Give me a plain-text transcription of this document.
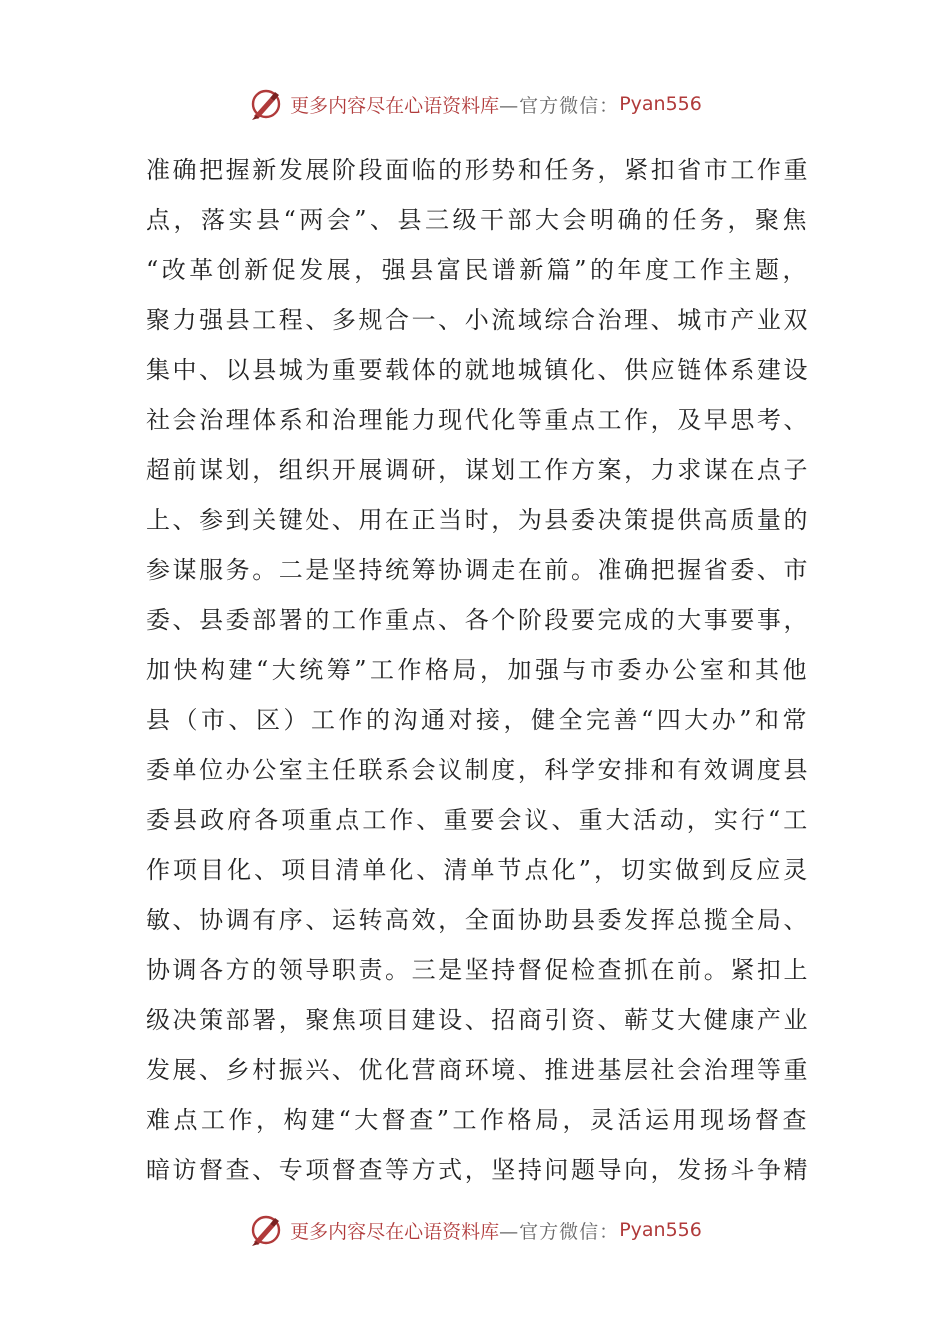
更多内容尽在心语资料库 —官方微信： Pyan556
准确把握新发展阶段面临的形势和任务，紧扣省市工作重
点，落实县“两会”、县三级干部大会明确的任务，聚焦
“改革创新促发展，强县富民谱新篇”的年度工作主题，
聚力强县工程、多规合一、小流域综合治理、城市产业双
集中、以县城为重要载体的就地城镇化、供应链体系建设
社会治理体系和治理能力现代化等重点工作，及早思考、
超前谋划，组织开展调研，谋划工作方案，力求谋在点子
上、参到关键处、用在正当时，为县委决策提供高质量的
参谋服务。二是坚持统筹协调走在前。准确把握省委、市
委、县委部署的工作重点、各个阶段要完成的大事要事，
加快构建“大统筹”工作格局，加强与市委办公室和其他
县（市、区）工作的沟通对接，健全完善“四大办”和常
委单位办公室主任联系会议制度，科学安排和有效调度县
委县政府各项重点工作、重要会议、重大活动，实行“工
作项目化、项目清单化、清单节点化”，切实做到反应灵
敏、协调有序、运转高效，全面协助县委发挥总揽全局、
协调各方的领导职责。三是坚持督促检查抓在前。紧扣上
级决策部署，聚焦项目建设、招商引资、蕲艾大健康产业
发展、乡村振兴、优化营商环境、推进基层社会治理等重
难点工作，构建“大督查”工作格局，灵活运用现场督查
暗访督查、专项督查等方式，坚持问题导向，发扬斗争精
更多内容尽在心语资料库 —官方微信： Pyan556
